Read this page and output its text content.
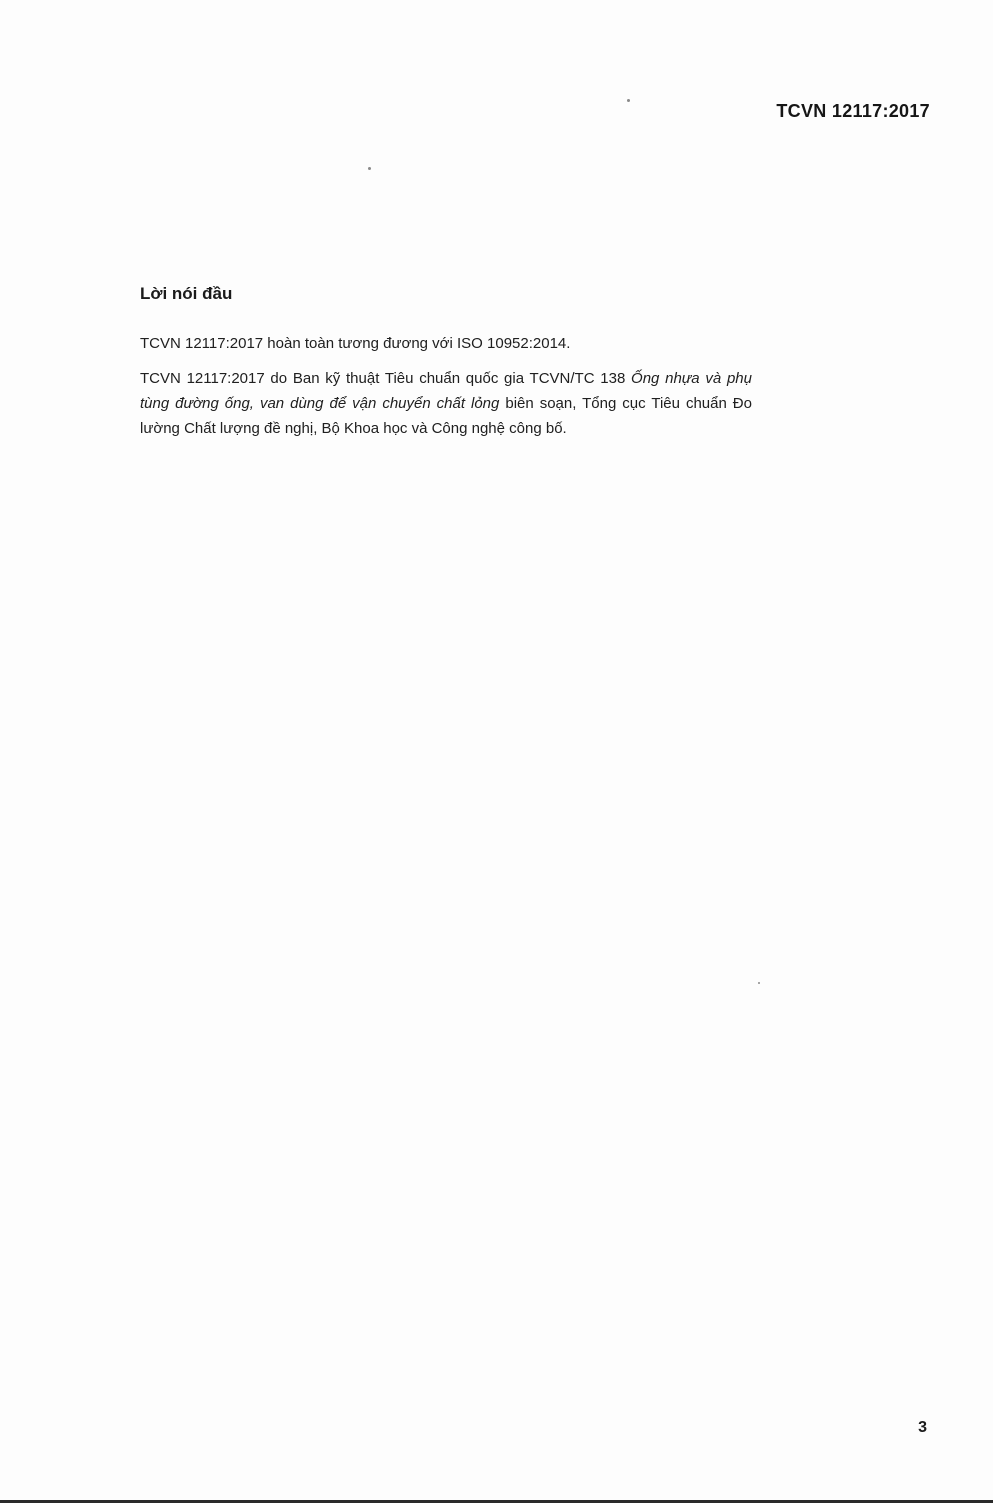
TCVN 12117:2017
Lời nói đầu

TCVN 12117:2017 hoàn toàn tương đương với ISO 10952:2014.

TCVN 12117:2017 do Ban kỹ thuật Tiêu chuẩn quốc gia TCVN/TC 138 Ống nhựa và phụ tùng đường ống, van dùng để vận chuyển chất lỏng biên soạn, Tổng cục Tiêu chuẩn Đo lường Chất lượng đề nghị, Bộ Khoa học và Công nghệ công bố.

3
